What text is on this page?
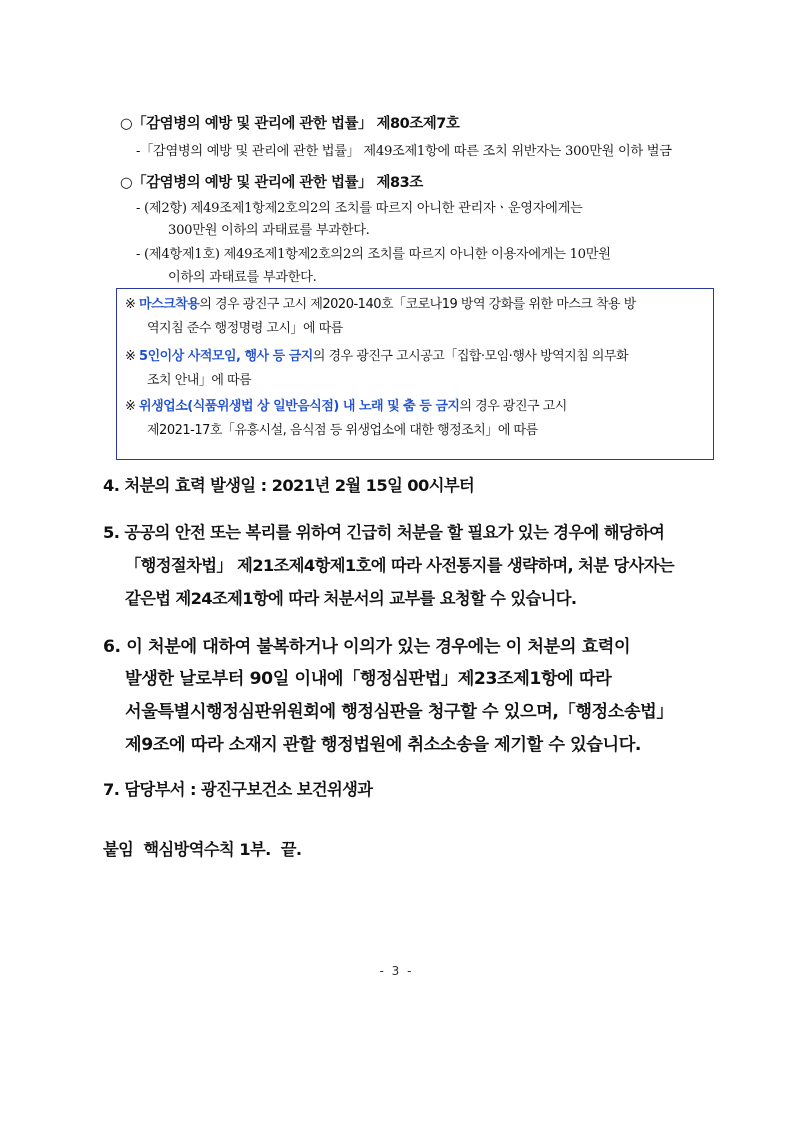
○「감염병의 예방 및 관리에 관한 법률」 제80조제7호
-「감염병의 예방 및 관리에 관한 법률」 제49조제1항에 따른 조치 위반자는 300만원 이하 벌금
○「감염병의 예방 및 관리에 관한 법률」 제83조
- (제2항) 제49조제1항제2호의2의 조치를 따르지 아니한 관리자ㆍ운영자에게는
300만원 이하의 과태료를 부과한다.
- (제4항제1호) 제49조제1항제2호의2의 조치를 따르지 아니한 이용자에게는 10만원
이하의 과태료를 부과한다.
※ 마스크착용의 경우 광진구 고시 제2020-140호「코로나19 방역 강화를 위한 마스크 착용 방
역지침 준수 행정명령 고시」에 따름
※ 5인이상 사적모임, 행사 등 금지의 경우 광진구 고시공고「집합·모임·행사 방역지침 의무화
조치 안내」에 따름
※ 위생업소(식품위생법 상 일반음식점) 내 노래 및 춤 등 금지의 경우 광진구 고시
제2021-17호「유흥시설, 음식점 등 위생업소에 대한 행정조치」에 따름
4. 처분의 효력 발생일 : 2021년 2월 15일 00시부터
5. 공공의 안전 또는 복리를 위하여 긴급히 처분을 할 필요가 있는 경우에 해당하여
「행정절차법」 제21조제4항제1호에 따라 사전통지를 생략하며, 처분 당사자는
같은법 제24조제1항에 따라 처분서의 교부를 요청할 수 있습니다.
6. 이 처분에 대하여 불복하거나 이의가 있는 경우에는 이 처분의 효력이
발생한 날로부터 90일 이내에「행정심판법」제23조제1항에 따라
서울특별시행정심판위원회에 행정심판을 청구할 수 있으며,「행정소송법」
제9조에 따라 소재지 관할 행정법원에 취소소송을 제기할 수 있습니다.
7. 담당부서 : 광진구보건소 보건위생과
붙임  핵심방역수칙 1부.  끝.
- 3 -
